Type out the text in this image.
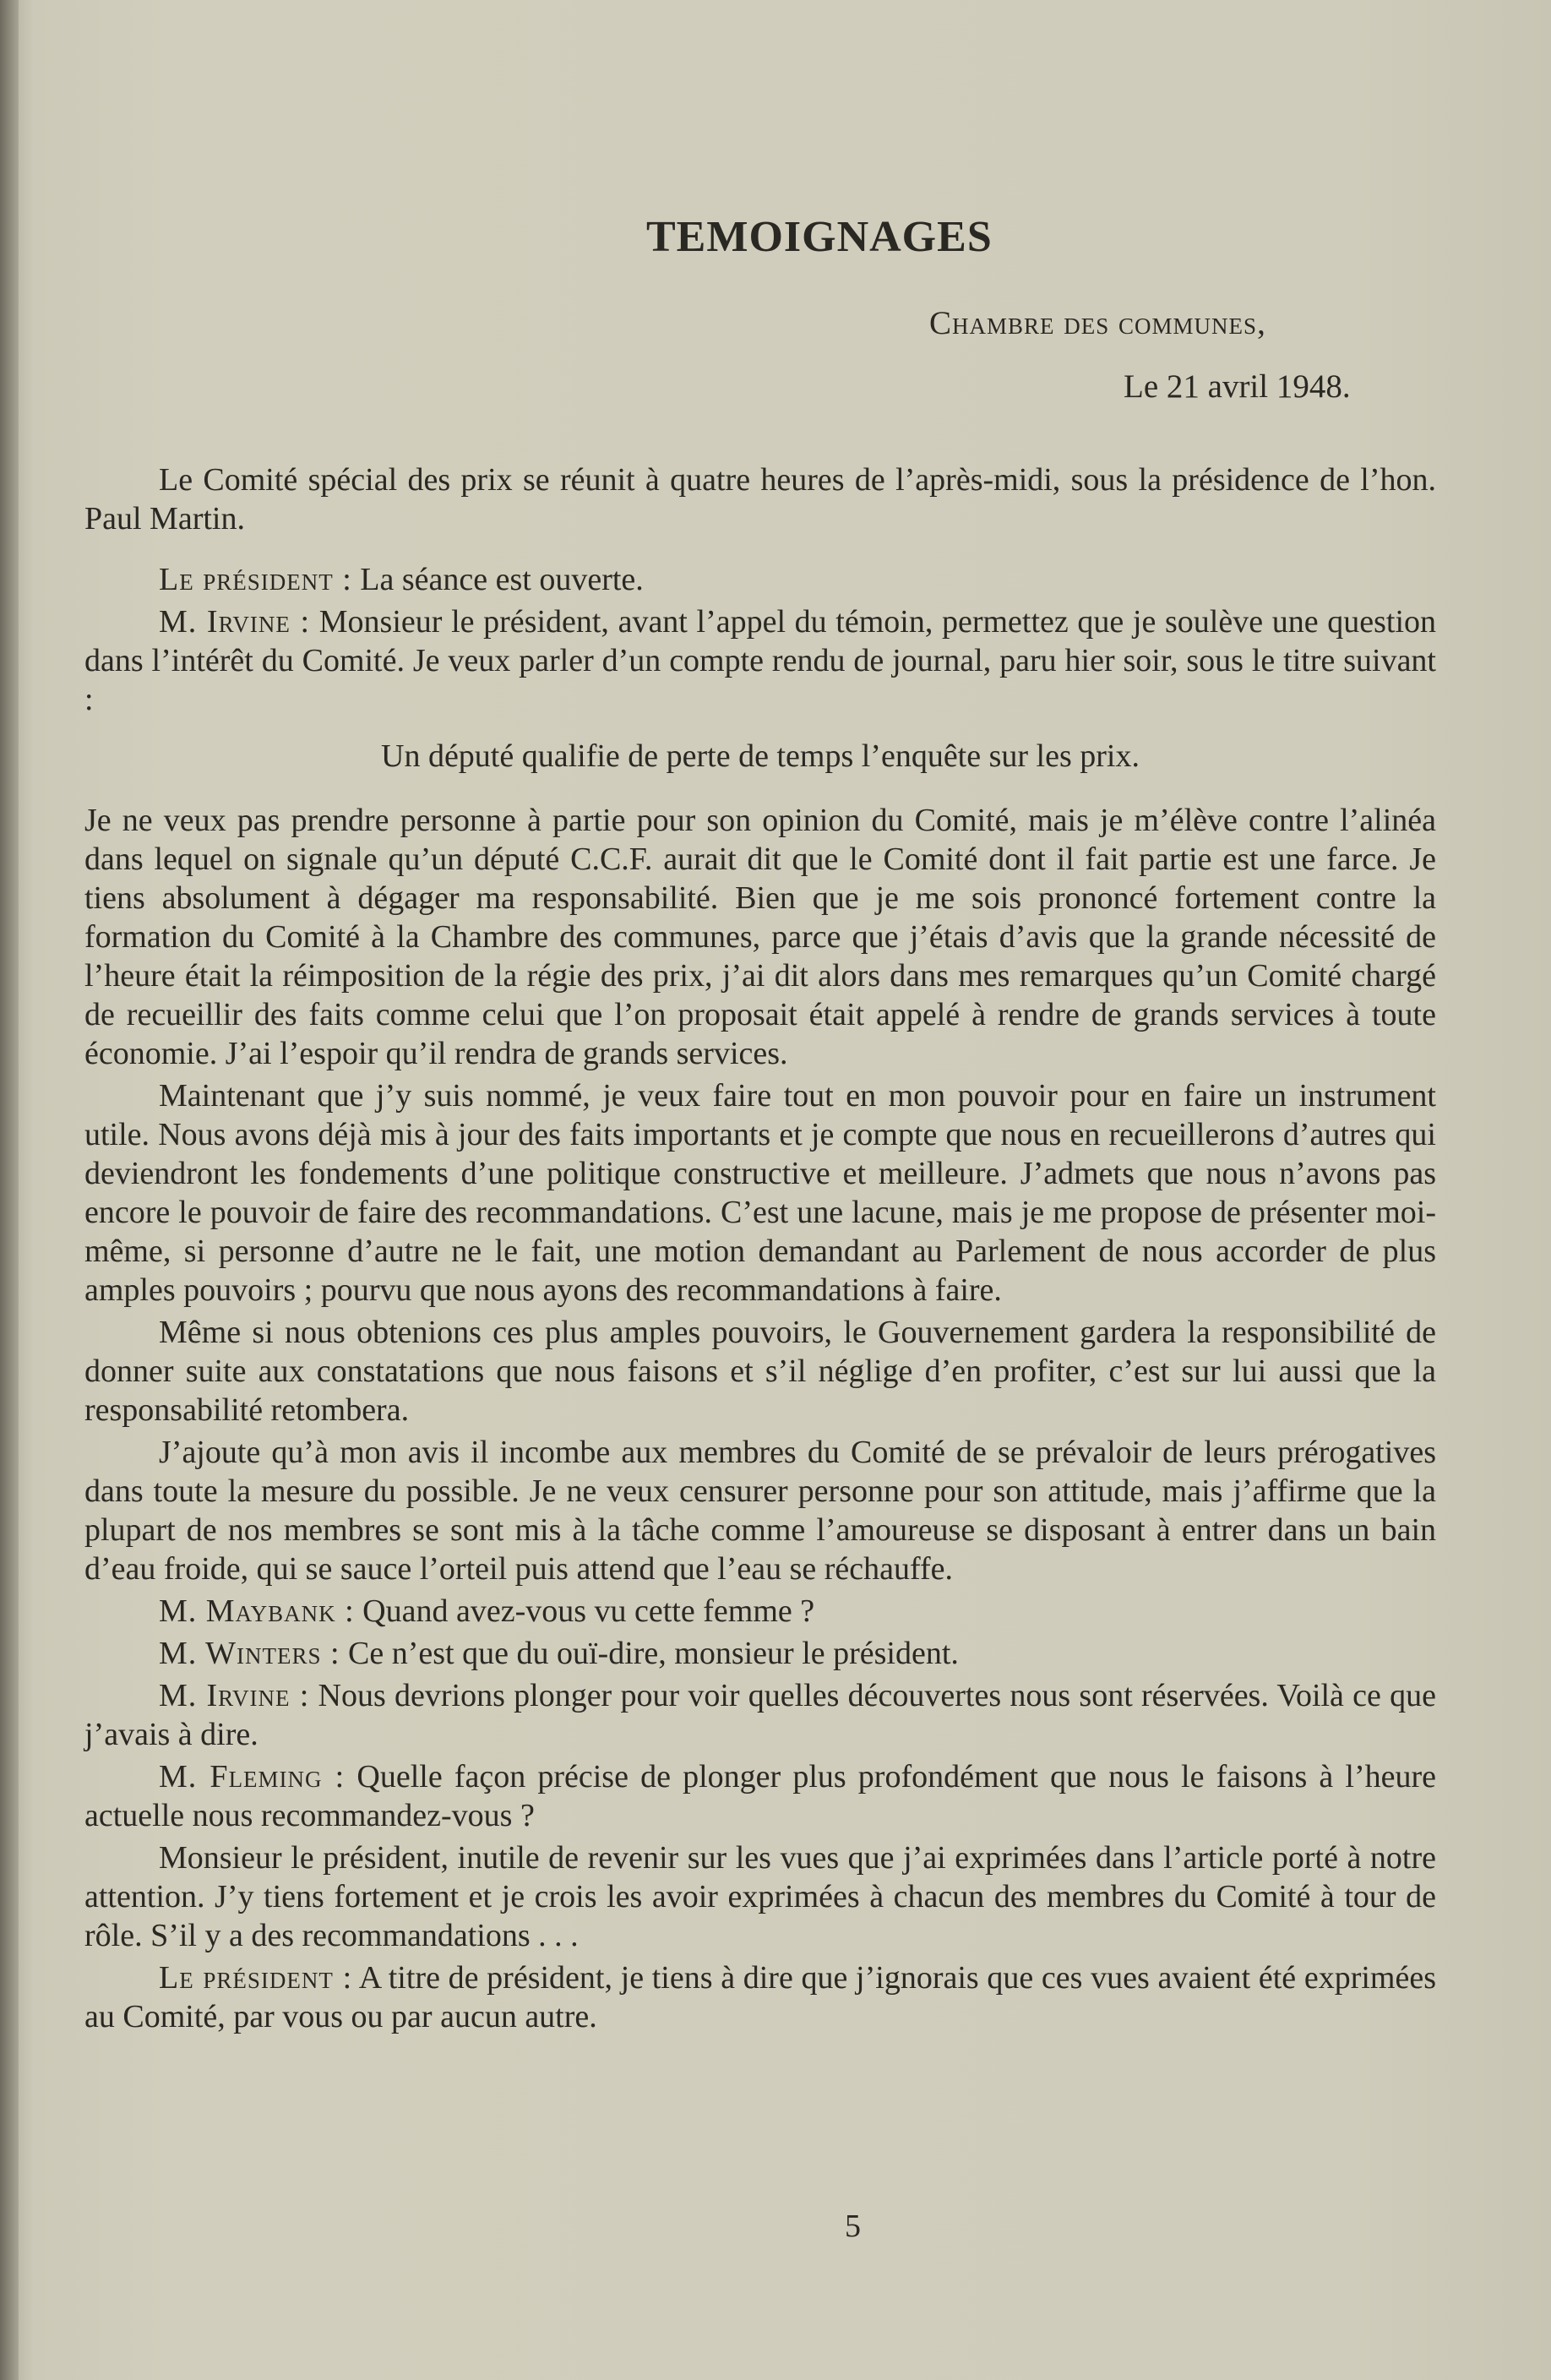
TEMOIGNAGES
Chambre des communes,
Le 21 avril 1948.

Le Comité spécial des prix se réunit à quatre heures de l’après-midi, sous la présidence de l’hon. Paul Martin.

Le président : La séance est ouverte.

M. Irvine : Monsieur le président, avant l’appel du témoin, permettez que je soulève une question dans l’intérêt du Comité. Je veux parler d’un compte rendu de journal, paru hier soir, sous le titre suivant :

Un député qualifie de perte de temps l’enquête sur les prix.

Je ne veux pas prendre personne à partie pour son opinion du Comité, mais je m’élève contre l’alinéa dans lequel on signale qu’un député C.C.F. aurait dit que le Comité dont il fait partie est une farce. Je tiens absolument à dégager ma responsabilité. Bien que je me sois prononcé fortement contre la formation du Comité à la Chambre des communes, parce que j’étais d’avis que la grande nécessité de l’heure était la réimposition de la régie des prix, j’ai dit alors dans mes remarques qu’un Comité chargé de recueillir des faits comme celui que l’on proposait était appelé à rendre de grands services à toute économie. J’ai l’espoir qu’il rendra de grands services.

Maintenant que j’y suis nommé, je veux faire tout en mon pouvoir pour en faire un instrument utile. Nous avons déjà mis à jour des faits importants et je compte que nous en recueillerons d’autres qui deviendront les fondements d’une politique constructive et meilleure. J’admets que nous n’avons pas encore le pouvoir de faire des recommandations. C’est une lacune, mais je me propose de présenter moi-même, si personne d’autre ne le fait, une motion demandant au Parlement de nous accorder de plus amples pouvoirs ; pourvu que nous ayons des recommandations à faire.

Même si nous obtenions ces plus amples pouvoirs, le Gouvernement gardera la responsibilité de donner suite aux constatations que nous faisons et s’il néglige d’en profiter, c’est sur lui aussi que la responsabilité retombera.

J’ajoute qu’à mon avis il incombe aux membres du Comité de se prévaloir de leurs prérogatives dans toute la mesure du possible. Je ne veux censurer personne pour son attitude, mais j’affirme que la plupart de nos membres se sont mis à la tâche comme l’amoureuse se disposant à entrer dans un bain d’eau froide, qui se sauce l’orteil puis attend que l’eau se réchauffe.

M. Maybank : Quand avez-vous vu cette femme ?

M. Winters : Ce n’est que du ouï-dire, monsieur le président.

M. Irvine : Nous devrions plonger pour voir quelles découvertes nous sont réservées. Voilà ce que j’avais à dire.

M. Fleming : Quelle façon précise de plonger plus profondément que nous le faisons à l’heure actuelle nous recommandez-vous ?

Monsieur le président, inutile de revenir sur les vues que j’ai exprimées dans l’article porté à notre attention. J’y tiens fortement et je crois les avoir exprimées à chacun des membres du Comité à tour de rôle. S’il y a des recommandations . . .

Le président : A titre de président, je tiens à dire que j’ignorais que ces vues avaient été exprimées au Comité, par vous ou par aucun autre.

5
